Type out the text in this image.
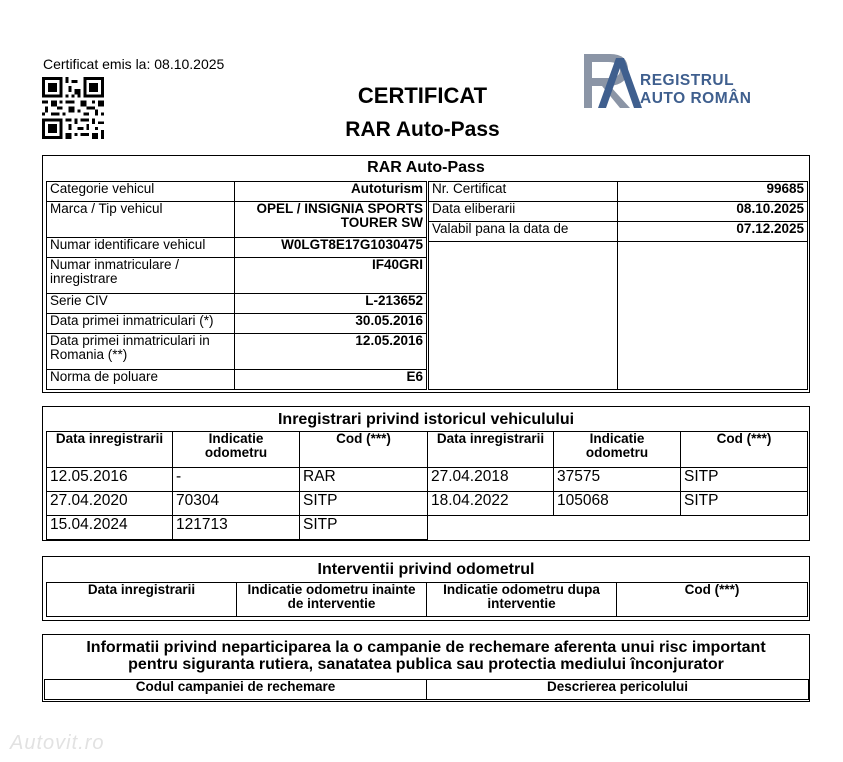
Certificat emis la: 08.10.2025
CERTIFICAT
RAR Auto-Pass
REGISTRUL
AUTO ROMÂN
RAR Auto-Pass
Categorie vehicul	Autoturism
Marca / Tip vehicul	OPEL / INSIGNIA SPORTS TOURER SW
Numar identificare vehicul	W0LGT8E17G1030475
Numar inmatriculare / inregistrare	IF40GRI
Serie CIV	L-213652
Data primei inmatriculari (*)	30.05.2016
Data primei inmatriculari in Romania (**)	12.05.2016
Norma de poluare	E6
Nr. Certificat	99685
Data eliberarii	08.10.2025
Valabil pana la data de	07.12.2025

Inregistrari privind istoricul vehiculului
Data inregistrarii	Indicatie odometru	Cod (***)	Data inregistrarii	Indicatie odometru	Cod (***)
12.05.2016	-	RAR	27.04.2018	37575	SITP
27.04.2020	70304	SITP	18.04.2022	105068	SITP
15.04.2024	121713	SITP			
Interventii privind odometrul
Data inregistrarii	Indicatie odometru inainte de interventie	Indicatie odometru dupa interventie	Cod (***)
Informatii privind neparticiparea la o campanie de rechemare aferenta unui risc important pentru siguranta rutiera, sanatatea publica sau protectia mediului înconjurator
Codul campaniei de rechemare	Descrierea pericolului
Autovit.ro
